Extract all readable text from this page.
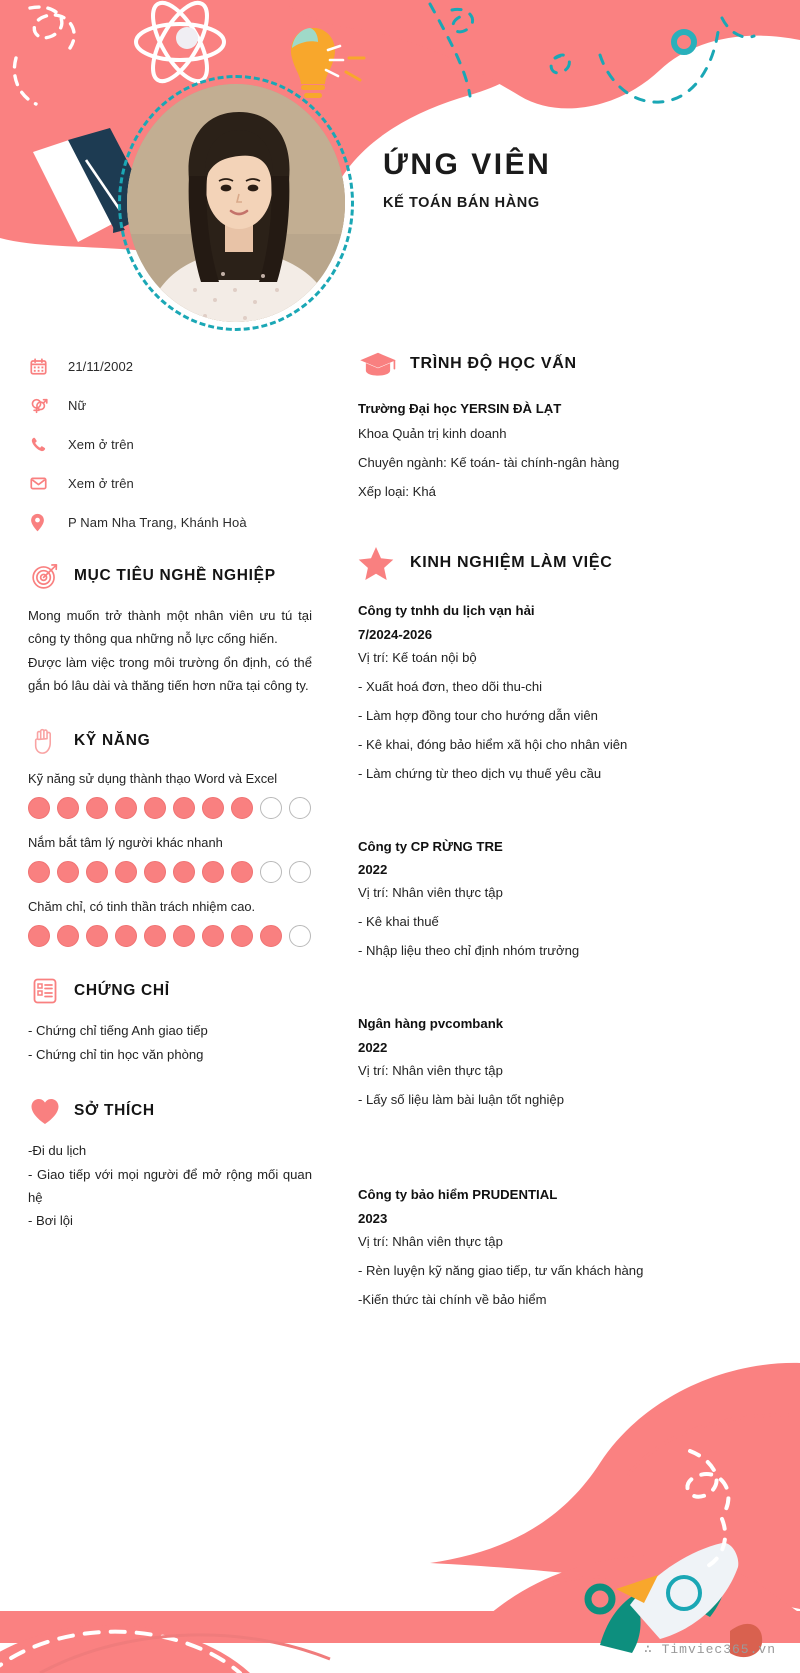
ỨNG VIÊN
KẾ TOÁN BÁN HÀNG
21/11/2002
Nữ
Xem ở trên
Xem ở trên
P Nam Nha Trang, Khánh Hoà
MỤC TIÊU NGHỀ NGHIỆP

Mong muốn trở thành một nhân viên ưu tú tại công ty thông qua những nỗ lực cống hiến.

Được làm việc trong môi trường ổn định, có thể gắn bó lâu dài và thăng tiến hơn nữa tại công ty.

KỸ NĂNG
Kỹ năng sử dụng thành thạo Word và Excel
Nắm bắt tâm lý người khác nhanh
Chăm chỉ, có tinh thần trách nhiệm cao.
CHỨNG CHỈ

- Chứng chỉ tiếng Anh giao tiếp

- Chứng chỉ tin học văn phòng

SỞ THÍCH

-Đi du lịch

- Giao tiếp với mọi người để mở rộng mối quan hệ

- Bơi lội

TRÌNH ĐỘ HỌC VẤN

Trường Đại học YERSIN ĐÀ LẠT

Khoa Quản trị kinh doanh

Chuyên ngành: Kế toán- tài chính-ngân hàng

Xếp loại: Khá

KINH NGHIỆM LÀM VIỆC

Công ty tnhh du lịch vạn hải

7/2024-2026

Vị trí: Kế toán nội bộ

- Xuất hoá đơn, theo dõi thu-chi

- Làm hợp đồng tour cho hướng dẫn viên

- Kê khai, đóng bảo hiểm xã hội cho nhân viên

- Làm chứng từ theo dịch vụ thuế yêu cầu

Công ty CP RỪNG TRE

2022

Vị trí: Nhân viên thực tập

- Kê khai thuế

- Nhập liệu theo chỉ định nhóm trưởng

Ngân hàng pvcombank

2022

Vị trí: Nhân viên thực tập

- Lấy số liệu làm bài luận tốt nghiệp

Công ty bảo hiểm PRUDENTIAL

2023

Vị trí: Nhân viên thực tập

- Rèn luyện kỹ năng giao tiếp, tư vấn khách hàng

-Kiến thức tài chính về bảo hiểm

∴ Timviec365.vn
